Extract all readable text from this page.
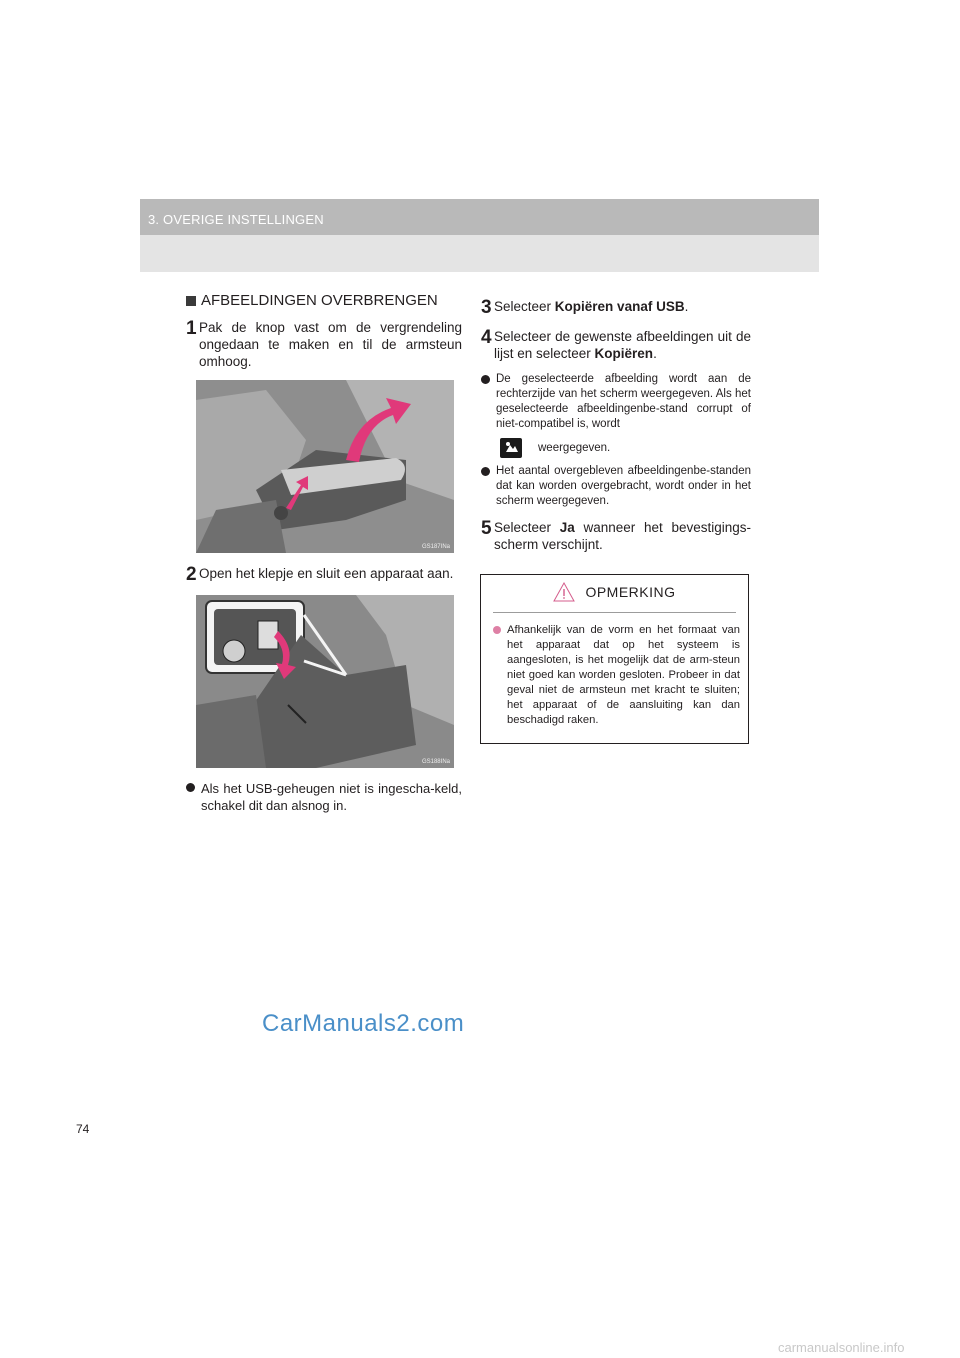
3. OVERIGE INSTELLINGEN
AFBEELDINGEN OVERBRENGEN
1 Pak de knop vast om de vergrendeling ongedaan te maken en til de armsteun omhoog.
GS187INa
2 Open het klepje en sluit een apparaat aan.
GS188INa
Als het USB-geheugen niet is ingescha-keld, schakel dit dan alsnog in.
3 Selecteer Kopiëren vanaf USB.
4 Selecteer de gewenste afbeeldingen uit de lijst en selecteer Kopiëren.
De geselecteerde afbeelding wordt aan de rechterzijde van het scherm weergegeven. Als het geselecteerde afbeeldingenbe-stand corrupt of niet-compatibel is, wordt
weergegeven.
Het aantal overgebleven afbeeldingenbe-standen dat kan worden overgebracht, wordt onder in het scherm weergegeven.
5 Selecteer Ja wanneer het bevestigings-scherm verschijnt.
OPMERKING
Afhankelijk van de vorm en het formaat van het apparaat dat op het systeem is aangesloten, is het mogelijk dat de arm-steun niet goed kan worden gesloten. Probeer in dat geval niet de armsteun met kracht te sluiten; het apparaat of de aansluiting kan dan beschadigd raken.
74
CarManuals2.com
carmanualsonline.info
